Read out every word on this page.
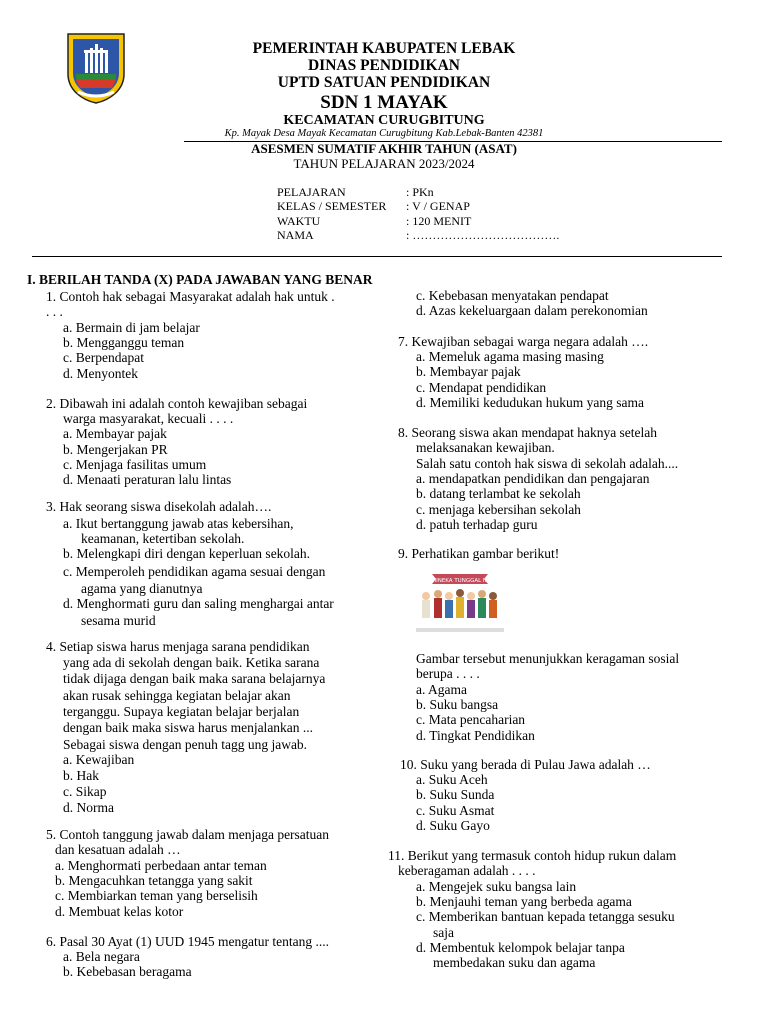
PEMERINTAH KABUPATEN LEBAK
DINAS PENDIDIKAN
UPTD SATUAN PENDIDIKAN
SDN 1 MAYAK
KECAMATAN CURUGBITUNG
Kp. Mayak Desa Mayak Kecamatan Curugbitung Kab.Lebak-Banten 42381
ASESMEN SUMATIF AKHIR TAHUN (ASAT)
TAHUN PELAJARAN 2023/2024
PELAJARAN	: PKn
KELAS / SEMESTER : V / GENAP
WAKTU	: 120 MENIT
NAMA	: ……………………………….
I. BERILAH TANDA (X) PADA JAWABAN YANG BENAR
1. Contoh hak sebagai Masyarakat adalah hak untuk .
. . .
a. Bermain di jam belajar
b. Mengganggu teman
c. Berpendapat
d. Menyontek
2. Dibawah ini adalah contoh kewajiban sebagai
warga masyarakat, kecuali . . . .
a. Membayar pajak
b. Mengerjakan PR
c. Menjaga fasilitas umum
d. Menaati peraturan lalu lintas
3. Hak seorang siswa disekolah adalah….
a. Ikut bertanggung jawab atas kebersihan,
keamanan, ketertiban sekolah.
b. Melengkapi diri dengan keperluan sekolah.
c. Memperoleh pendidikan agama sesuai dengan
agama yang dianutnya
d. Menghormati guru dan saling menghargai antar
sesama murid
4. Setiap siswa harus menjaga sarana pendidikan
yang ada di sekolah dengan baik. Ketika sarana
tidak dijaga dengan baik maka sarana belajarnya
akan rusak sehingga kegiatan belajar akan
terganggu. Supaya kegiatan belajar berjalan
dengan baik maka siswa harus menjalankan ...
Sebagai siswa dengan penuh tagg ung jawab.
a. Kewajiban
b. Hak
c. Sikap
d. Norma
5. Contoh tanggung jawab dalam menjaga persatuan
dan kesatuan adalah …
a. Menghormati perbedaan antar teman
b. Mengacuhkan tetangga yang sakit
c. Membiarkan teman yang berselisih
d. Membuat kelas kotor
6. Pasal 30 Ayat (1) UUD 1945 mengatur tentang ....
a. Bela negara
b. Kebebasan beragama
c. Kebebasan menyatakan pendapat
d. Azas kekeluargaan dalam perekonomian
7. Kewajiban sebagai warga negara adalah ….
a. Memeluk agama masing masing
b. Membayar pajak
c. Mendapat pendidikan
d. Memiliki kedudukan hukum yang sama
8. Seorang siswa akan mendapat haknya setelah
melaksanakan kewajiban.
Salah satu contoh hak siswa di sekolah adalah....
a. mendapatkan pendidikan dan pengajaran
b. datang terlambat ke sekolah
c. menjaga kebersihan sekolah
d. patuh terhadap guru
9. Perhatikan gambar berikut!
BHINEKA TUNGGAL IKA
Gambar tersebut menunjukkan keragaman sosial
berupa . . . .
a. Agama
b. Suku bangsa
c. Mata pencaharian
d. Tingkat Pendidikan
10. Suku yang berada di Pulau Jawa adalah …
a. Suku Aceh
b. Suku Sunda
c. Suku Asmat
d. Suku Gayo
11. Berikut yang termasuk contoh hidup rukun dalam
keberagaman adalah . . . .
a. Mengejek suku bangsa lain
b. Menjauhi teman yang berbeda agama
c. Memberikan bantuan kepada tetangga sesuku
saja
d. Membentuk kelompok belajar tanpa
membedakan suku dan agama
